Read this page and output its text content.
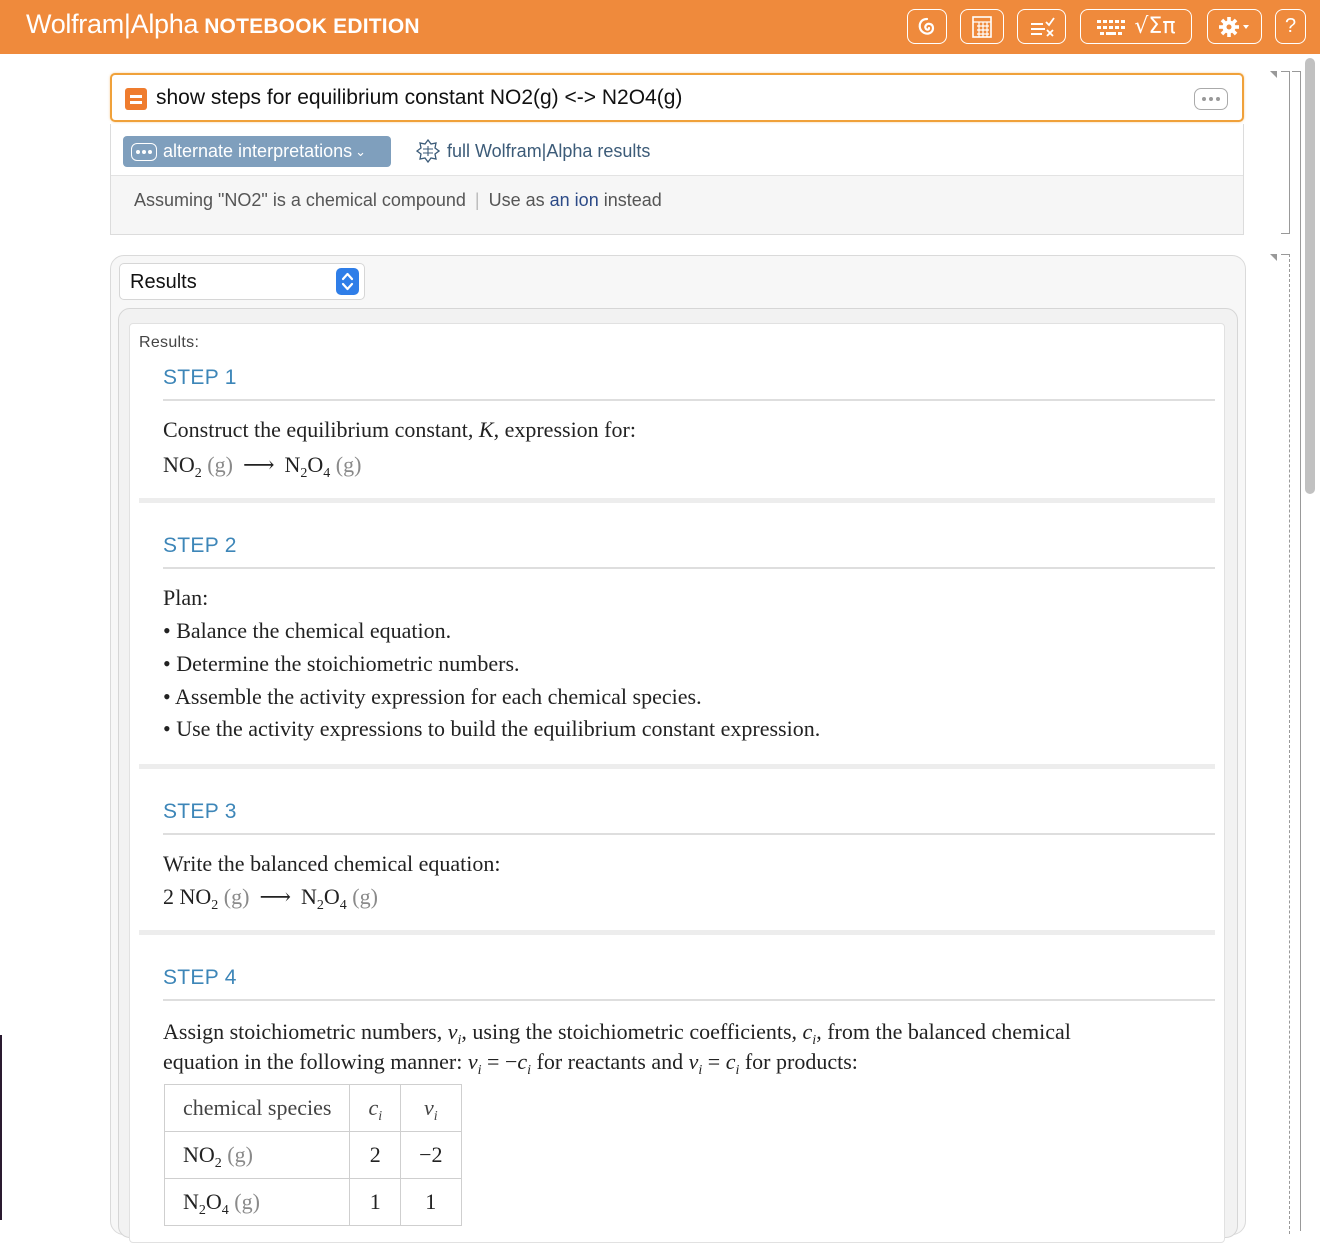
Wolfram|Alpha NOTEBOOK EDITION	√Σπ	?
show steps for equilibrium constant NO2(g) <-> N2O4(g)
alternate interpretations ⌄	full Wolfram|Alpha results
Assuming "NO2" is a chemical compound | Use as an ion instead
Results
Results:
STEP 1
Construct the equilibrium constant, K, expression for:
$NO_2$ (g) ⟶ $N_2O_4$ (g)
STEP 2
Plan:
• Balance the chemical equation.
• Determine the stoichiometric numbers.
• Assemble the activity expression for each chemical species.
• Use the activity expressions to build the equilibrium constant expression.
STEP 3
Write the balanced chemical equation:
2 $NO_2$ (g) ⟶ $N_2O_4$ (g)
STEP 4
Assign stoichiometric numbers, $\nu_i$, using the stoichiometric coefficients, $c_i$, from the balanced chemical
equation in the following manner: $\nu_i = -c_i$ for reactants and $\nu_i = c_i$ for products:
chemical species	$c_i$	$\nu_i$
$NO_2$ (g)	2	−2
$N_2O_4$ (g)	1	1
